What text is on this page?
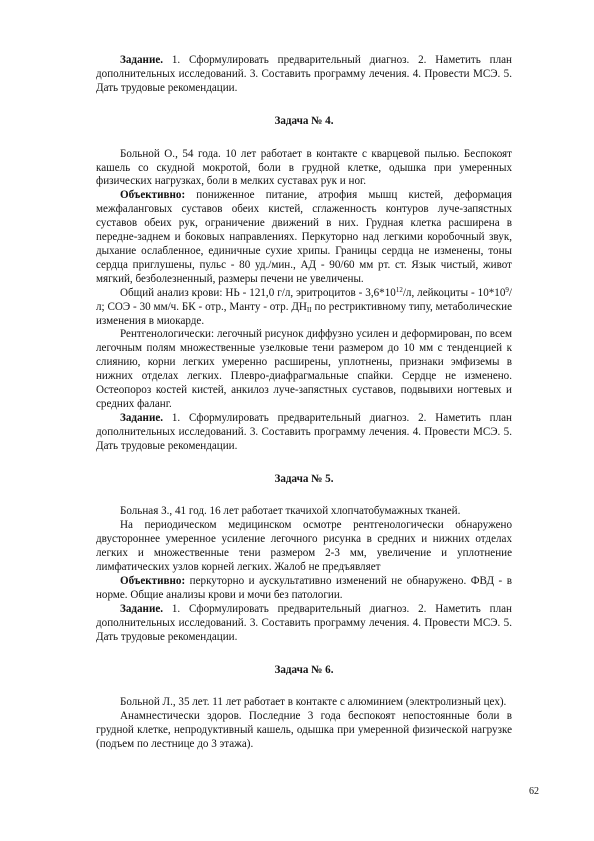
Задание. 1. Сформулировать предварительный диагноз. 2. Наметить план дополнительных исследований. 3. Составить программу лечения. 4. Провести МСЭ. 5. Дать трудовые рекомендации.

Задача № 4.

Больной О., 54 года. 10 лет работает в контакте с кварцевой пылью. Беспокоят кашель со скудной мокротой, боли в грудной клетке, одышка при умеренных физических нагрузках, боли в мелких суставах рук и ног.

Объективно: пониженное питание, атрофия мышц кистей, деформация межфаланговых суставов обеих кистей, сглаженность контуров луче-запястных суставов обеих рук, ограничение движений в них. Грудная клетка расширена в передне-заднем и боковых направлениях. Перкуторно над легкими коробочный звук, дыхание ослабленное, единичные сухие хрипы. Границы сердца не изменены, тоны сердца приглушены, пульс - 80 уд./мин., АД - 90/60 мм рт. ст. Язык чистый, живот мягкий, безболезненный, размеры печени не увеличены.

Общий анализ крови: НЬ - 121,0 г/л, эритроцитов - $3,6*10^{12}/л$, лейкоциты - $10*10^9/л$; СОЭ - 30 мм/ч. БК - отр., Манту - отр. $ДН_{II}$ по рестриктивному типу, метаболические изменения в миокарде.

Рентгенологически: легочный рисунок диффузно усилен и деформирован, по всем легочным полям множественные узелковые тени размером до 10 мм с тенденцией к слиянию, корни легких умеренно расширены, уплотнены, признаки эмфиземы в нижних отделах легких. Плевро-диафрагмальные спайки. Сердце не изменено. Остеопороз костей кистей, анкилоз луче-запястных суставов, подвывихи ногтевых и средних фаланг.

Задание. 1. Сформулировать предварительный диагноз. 2. Наметить план дополнительных исследований. 3. Составить программу лечения. 4. Провести МСЭ. 5. Дать трудовые рекомендации.

Задача № 5.

Больная З., 41 год. 16 лет работает ткачихой хлопчатобумажных тканей.

На периодическом медицинском осмотре рентгенологически обнаружено двустороннее умеренное усиление легочного рисунка в средних и нижних отделах легких и множественные тени размером 2-3 мм, увеличение и уплотнение лимфатических узлов корней легких. Жалоб не предъявляет

Объективно: перкуторно и аускультативно изменений не обнаружено. ФВД - в норме. Общие анализы крови и мочи без патологии.

Задание. 1. Сформулировать предварительный диагноз. 2. Наметить план дополнительных исследований. 3. Составить программу лечения. 4. Провести МСЭ. 5. Дать трудовые рекомендации.

Задача № 6.

Больной Л., 35 лет. 11 лет работает в контакте с алюминием (электролизный цех).

Анамнестически здоров. Последние 3 года беспокоят непостоянные боли в грудной клетке, непродуктивный кашель, одышка при умеренной физической нагрузке (подъем по лестнице до 3 этажа).

62
